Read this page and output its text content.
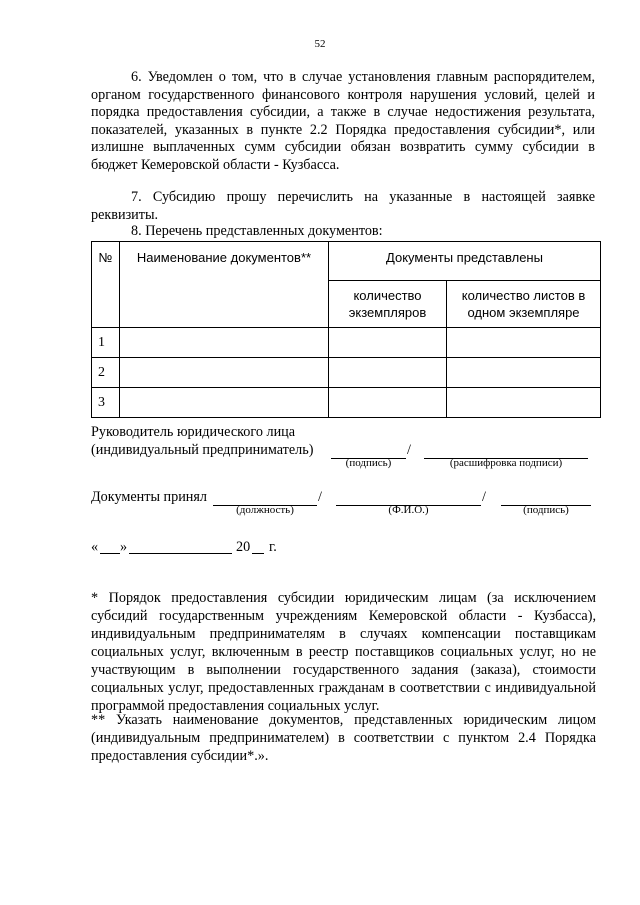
52
6. Уведомлен о том, что в случае установления главным распорядителем, органом государственного финансового контроля нарушения условий, целей и порядка предоставления субсидии, а также в случае недостижения результата, показателей, указанных в пункте 2.2 Порядка предоставления субсидии*, или излишне выплаченных сумм субсидии обязан возвратить сумму субсидии в бюджет Кемеровской области - Кузбасса.
7. Субсидию прошу перечислить на указанные в настоящей заявке реквизиты.
8. Перечень представленных документов:
№	Наименование документов**	Документы представлены	
		количество экземпляров	количество листов в одном экземпляре
1			
2			
3			
Руководитель юридического лица
(индивидуальный предприниматель)	/
(подпись)	(расшифровка подписи)
Документы принял	/	/
(должность)	(Ф.И.О.)	(подпись)
« »	20 г.
* Порядок предоставления субсидии юридическим лицам (за исключением субсидий государственным учреждениям Кемеровской области - Кузбасса), индивидуальным предпринимателям в случаях компенсации поставщикам социальных услуг, включенным в реестр поставщиков социальных услуг, но не участвующим в выполнении государственного задания (заказа), стоимости социальных услуг, предоставленных гражданам в соответствии с индивидуальной программой предоставления социальных услуг.
** Указать наименование документов, представленных юридическим лицом (индивидуальным предпринимателем) в соответствии с пунктом 2.4 Порядка предоставления субсидии*.».
